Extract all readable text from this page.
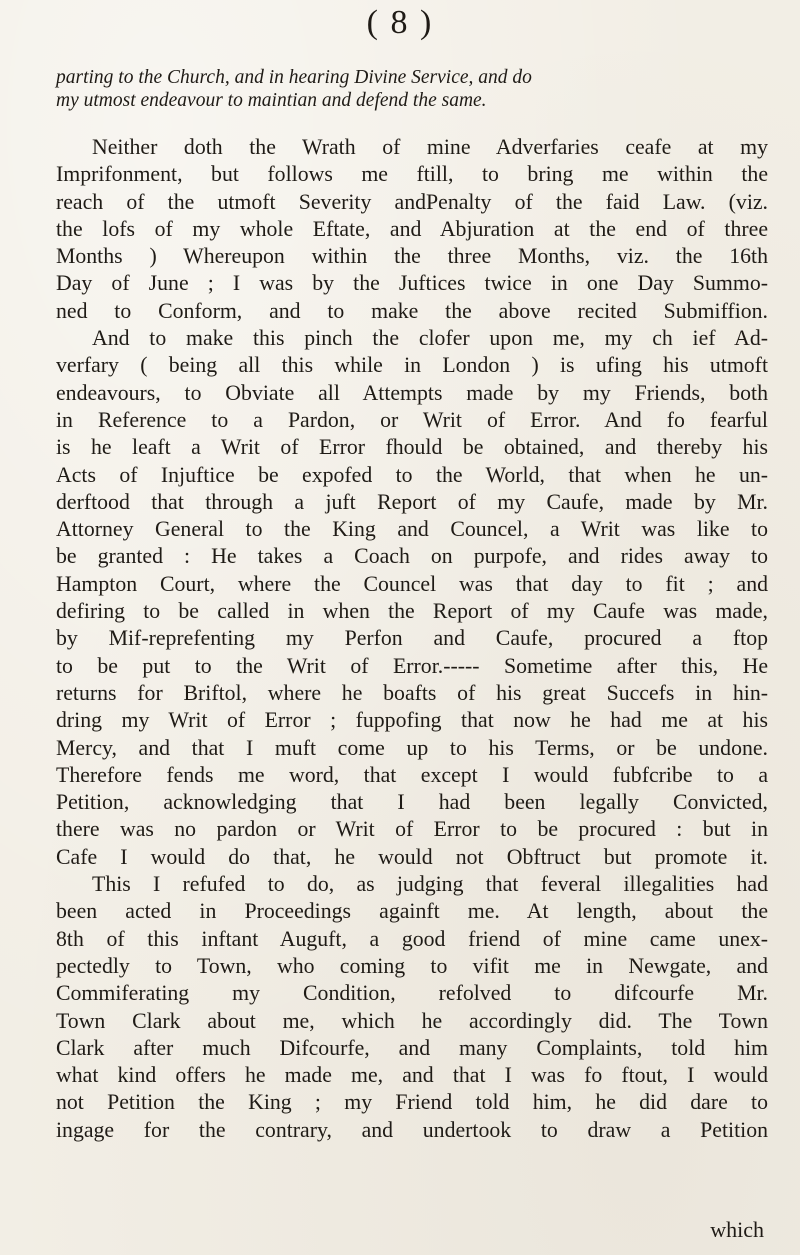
( 8 )
parting to the Church, and in hearing Divine Service, and do
my utmost endeavour to maintian and defend the same.
Neither doth the Wrath of mine Adverfaries ceafe at my
Imprifonment, but follows me ftill, to bring me within the
reach of the utmoft Severity andPenalty of the faid Law. (viz.
the lofs of my whole Eftate, and Abjuration at the end of three
Months ) Whereupon within the three Months, viz. the 16th
Day of June ; I was by the Juftices twice in one Day Summo-
ned to Conform, and to make the above recited Submiffion.
And to make this pinch the clofer upon me, my ch ief Ad-
verfary ( being all this while in London ) is ufing his utmoft
endeavours, to Obviate all Attempts made by my Friends, both
in Reference to a Pardon, or Writ of Error. And fo fearful
is he leaft a Writ of Error fhould be obtained, and thereby his
Acts of Injuftice be expofed to the World, that when he un-
derftood that through a juft Report of my Caufe, made by Mr.
Attorney General to the King and Councel, a Writ was like to
be granted : He takes a Coach on purpofe, and rides away to
Hampton Court, where the Councel was that day to fit ; and
defiring to be called in when the Report of my Caufe was made,
by Mif-reprefenting my Perfon and Caufe, procured a ftop
to be put to the Writ of Error.----- Sometime after this, He
returns for Briftol, where he boafts of his great Succefs in hin-
dring my Writ of Error ; fuppofing that now he had me at his
Mercy, and that I muft come up to his Terms, or be undone.
Therefore fends me word, that except I would fubfcribe to a
Petition, acknowledging that I had been legally Convicted,
there was no pardon or Writ of Error to be procured : but in
Cafe I would do that, he would not Obftruct but promote it.
This I refufed to do, as judging that feveral illegalities had
been acted in Proceedings againft me. At length, about the
8th of this inftant Auguft, a good friend of mine came unex-
pectedly to Town, who coming to vifit me in Newgate, and
Commiferating my Condition, refolved to difcourfe Mr.
Town Clark about me, which he accordingly did. The Town
Clark after much Difcourfe, and many Complaints, told him
what kind offers he made me, and that I was fo ftout, I would
not Petition the King ; my Friend told him, he did dare to
ingage for the contrary, and undertook to draw a Petition
which
